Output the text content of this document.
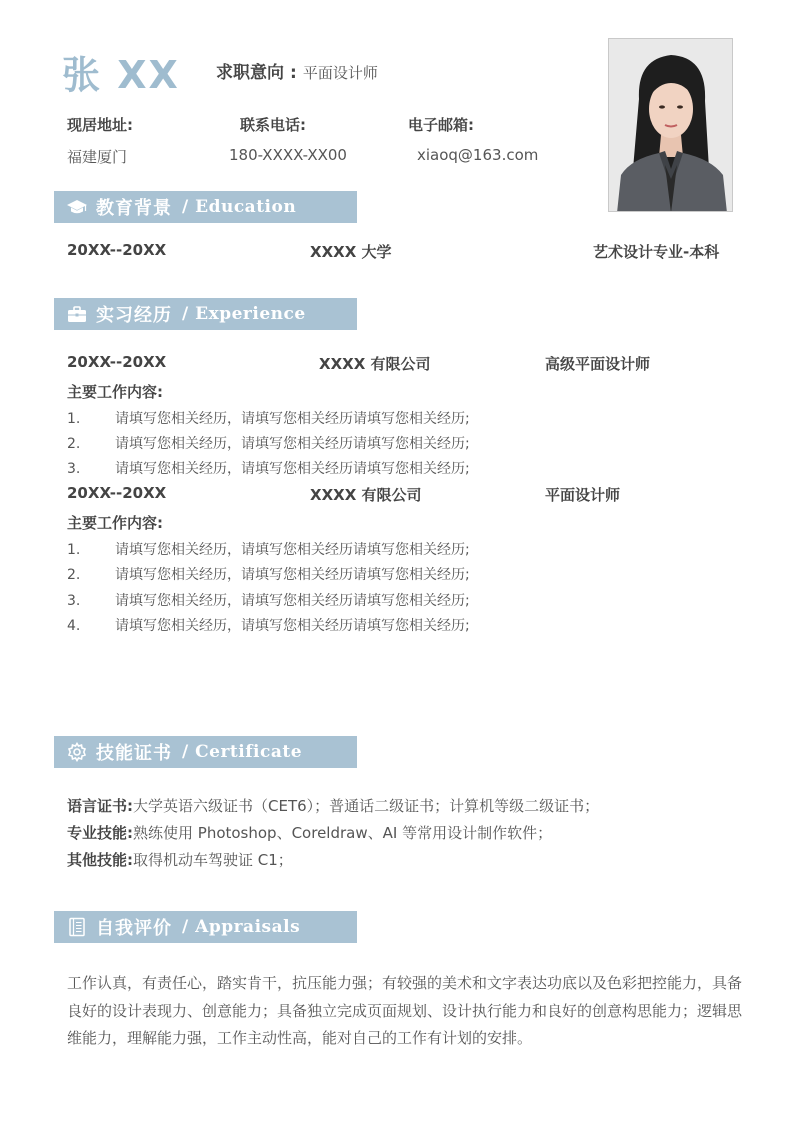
张 XX 求职意向 : 平面设计师
现居地址:
福建厦门
联系电话:
180-XXXX-XX00
电子邮箱:
xiaoq@163.com
教育背景 / Education
20XX--20XX	XXXX 大学	艺术设计专业-本科
实习经历 / Experience
20XX--20XX	XXXX 有限公司	高级平面设计师
主要工作内容:
1. 请填写您相关经历，请填写您相关经历请填写您相关经历;
2. 请填写您相关经历，请填写您相关经历请填写您相关经历;
3. 请填写您相关经历，请填写您相关经历请填写您相关经历;
20XX--20XX	XXXX 有限公司	平面设计师
主要工作内容:
1. 请填写您相关经历，请填写您相关经历请填写您相关经历;
2. 请填写您相关经历，请填写您相关经历请填写您相关经历;
3. 请填写您相关经历，请填写您相关经历请填写您相关经历;
4. 请填写您相关经历，请填写您相关经历请填写您相关经历;
技能证书 / Certificate
语言证书:大学英语六级证书（CET6）；普通话二级证书；计算机等级二级证书；
专业技能:熟练使用 Photoshop、Coreldraw、AI 等常用设计制作软件；
其他技能:取得机动车驾驶证 C1；
自我评价 / Appraisals
工作认真，有责任心，踏实肯干，抗压能力强；有较强的美术和文字表达功底以及色彩把控能力，具备良好的设计表现力、创意能力；具备独立完成页面规划、设计执行能力和良好的创意构思能力；逻辑思维能力，理解能力强，工作主动性高，能对自己的工作有计划的安排。
